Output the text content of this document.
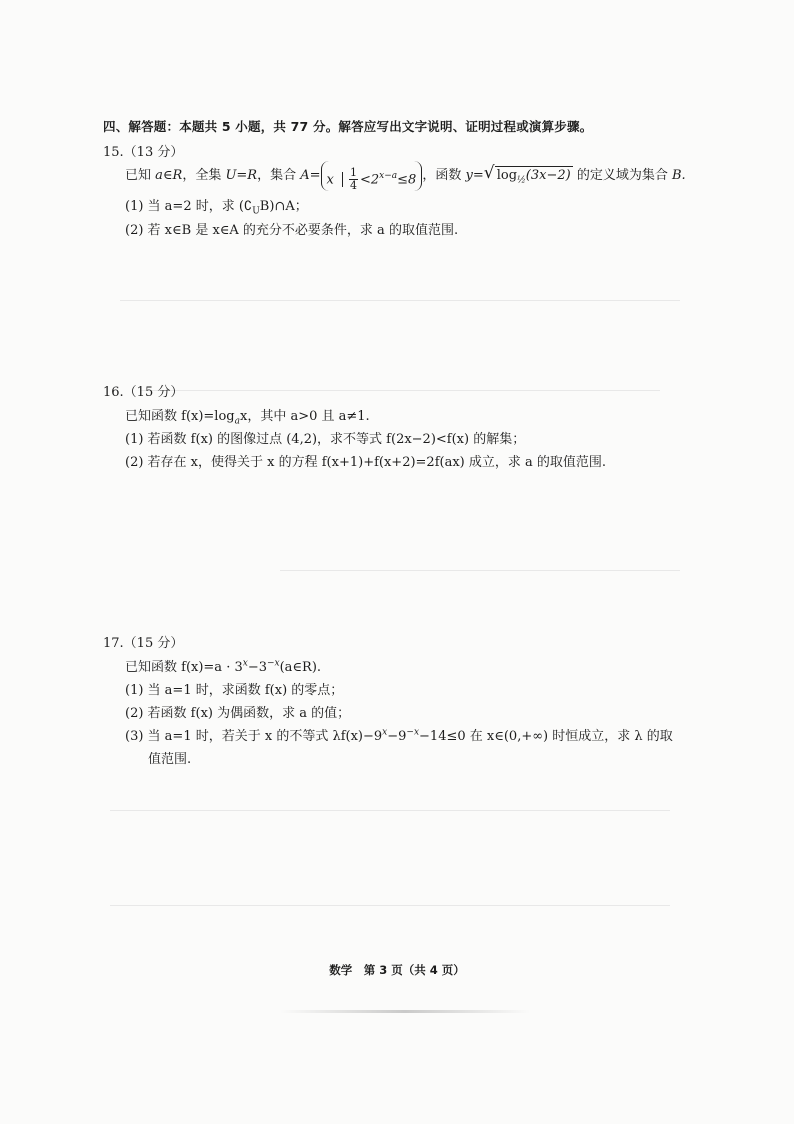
四、解答题：本题共 5 小题，共 77 分。解答应写出文字说明、证明过程或演算步骤。
15.（13 分）
已知 a∈R，全集 U=R，集合 A= x $\frac{1}{4} <2^{x-a}\le 8$ ，函数 y=√ $\log_{\frac{1}{2}}(3x-2)$ 的定义域为集合 B.
(1) 当 a=2 时，求 $(∁_UB)\cap A$；
(2) 若 x∈B 是 x∈A 的充分不必要条件，求 a 的取值范围.
16.（15 分）
已知函数 $f(x)=\log_ax$，其中 a>0 且 a≠1.
(1) 若函数 f(x) 的图像过点 (4,2)，求不等式 f(2x−2)<f(x) 的解集；
(2) 若存在 x，使得关于 x 的方程 f(x+1)+f(x+2)=2f(ax) 成立，求 a 的取值范围.
17.（15 分）
已知函数 $f(x)=a \cdot 3^x-3^{-x}(a\in R)$.
(1) 当 a=1 时，求函数 f(x) 的零点；
(2) 若函数 f(x) 为偶函数，求 a 的值；
(3) 当 a=1 时，若关于 x 的不等式 $\lambda f(x)-9^x-9^{-x}-14\le 0$ 在 x∈(0,+∞) 时恒成立，求 λ 的取
值范围.
数学　第 3 页（共 4 页）
